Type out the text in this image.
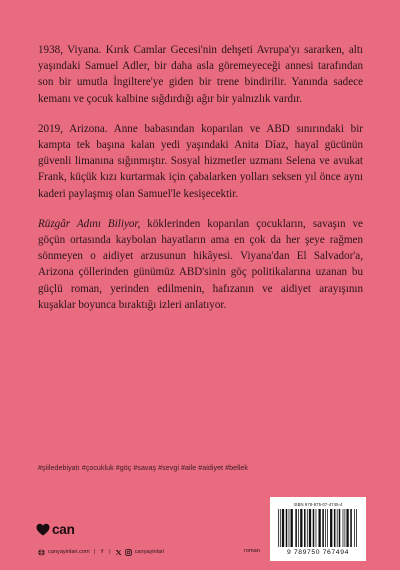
1938, Viyana. Kırık Camlar Gecesi'nin dehşeti Avrupa'yı sararken, altı yaşındaki Samuel Adler, bir daha asla göremeyeceği annesi tarafından son bir umutla İngiltere'ye giden bir trene bindirilir. Yanında sadece kemanı ve çocuk kalbine sığdırdığı ağır bir yalnızlık vardır.

2019, Arizona. Anne babasından koparılan ve ABD sınırındaki bir kampta tek başına kalan yedi yaşındaki Anita Díaz, hayal gücünün güvenli limanına sığınmıştır. Sosyal hizmetler uzmanı Selena ve avukat Frank, küçük kızı kurtarmak için çabalarken yolları seksen yıl önce aynı kaderi paylaşmış olan Samuel'le kesişecektir.

Rüzgâr Adını Biliyor, köklerinden koparılan çocukların, savaşın ve göçün ortasında kaybolan hayatların ama en çok da her şeye rağmen sönmeyen o aidiyet arzusunun hikâyesi. Viyana'dan El Salvador'a, Arizona çöllerinden günümüz ABD'sinin göç politikalarına uzanan bu güçlü roman, yerinden edilmenin, hafızanın ve aidiyet arayışının kuşaklar boyunca bıraktığı izleri anlatıyor.

#şiiledebiyatı #çocukluk #göç #savaş #sevgi #aile #aidiyet #bellek
can
canyayinlari.com |	f	|	canyayinlari	roman
ISBN 978-975-07-4745-4
9 789750 767494
